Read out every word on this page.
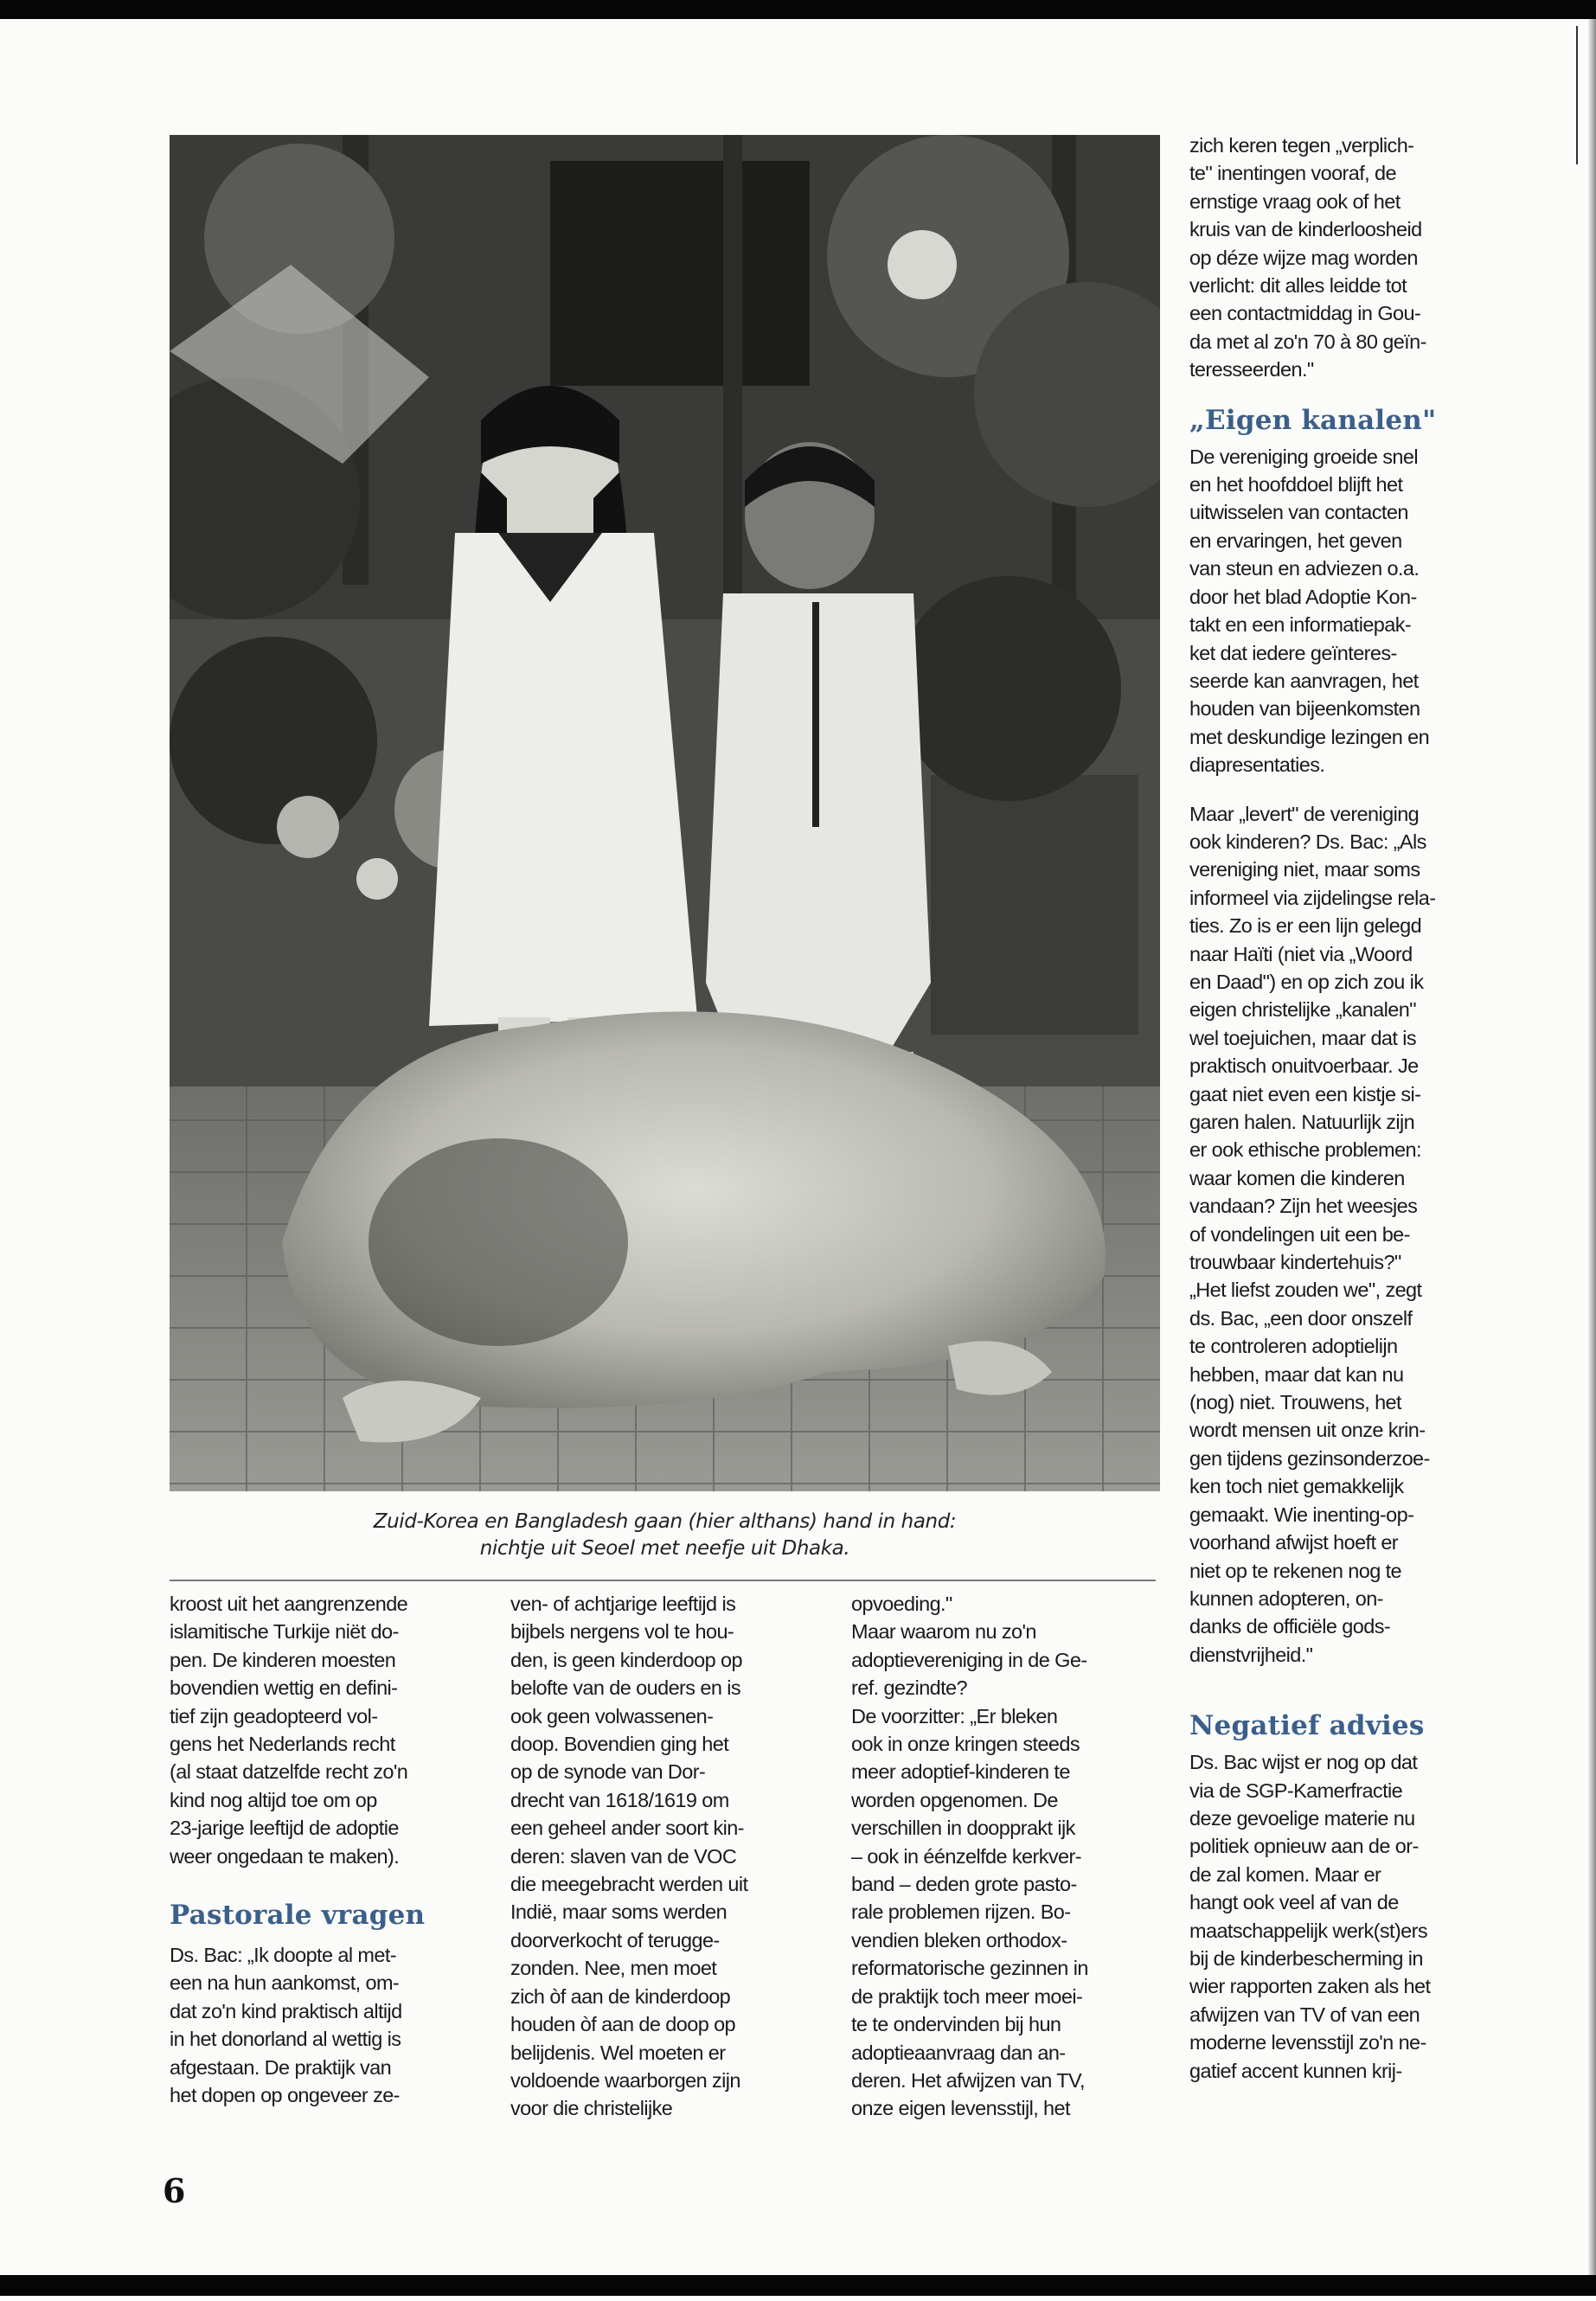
Zuid-Korea en Bangladesh gaan (hier althans) hand in hand:

nichtje uit Seoel met neefje uit Dhaka.

kroost uit het aangrenzende

islamitische Turkije niët do-

pen. De kinderen moesten

bovendien wettig en defini-

tief zijn geadopteerd vol-

gens het Nederlands recht

(al staat datzelfde recht zo'n

kind nog altijd toe om op

23-jarige leeftijd de adoptie

weer ongedaan te maken).

Pastorale vragen

Ds. Bac: „Ik doopte al met-

een na hun aankomst, om-

dat zo'n kind praktisch altijd

in het donorland al wettig is

afgestaan. De praktijk van

het dopen op ongeveer ze-

ven- of achtjarige leeftijd is

bijbels nergens vol te hou-

den, is geen kinderdoop op

belofte van de ouders en is

ook geen volwassenen-

doop. Bovendien ging het

op de synode van Dor-

drecht van 1618/1619 om

een geheel ander soort kin-

deren: slaven van de VOC

die meegebracht werden uit

Indië, maar soms werden

doorverkocht of terugge-

zonden. Nee, men moet

zich òf aan de kinderdoop

houden òf aan de doop op

belijdenis. Wel moeten er

voldoende waarborgen zijn

voor die christelijke

opvoeding."

Maar waarom nu zo'n

adoptievereniging in de Ge-

ref. gezindte?

De voorzitter: „Er bleken

ook in onze kringen steeds

meer adoptief-kinderen te

worden opgenomen. De

verschillen in doopprakt ijk

– ook in éénzelfde kerkver-

band – deden grote pasto-

rale problemen rijzen. Bo-

vendien bleken orthodox-

reformatorische gezinnen in

de praktijk toch meer moei-

te te ondervinden bij hun

adoptieaanvraag dan an-

deren. Het afwijzen van TV,

onze eigen levensstijl, het

zich keren tegen „verplich-

te" inentingen vooraf, de

ernstige vraag ook of het

kruis van de kinderloosheid

op déze wijze mag worden

verlicht: dit alles leidde tot

een contactmiddag in Gou-

da met al zo'n 70 à 80 geïn-

teresseerden."

„Eigen kanalen"

De vereniging groeide snel

en het hoofddoel blijft het

uitwisselen van contacten

en ervaringen, het geven

van steun en adviezen o.a.

door het blad Adoptie Kon-

takt en een informatiepak-

ket dat iedere geïnteres-

seerde kan aanvragen, het

houden van bijeenkomsten

met deskundige lezingen en

diapresentaties.

Maar „levert" de vereniging

ook kinderen? Ds. Bac: „Als

vereniging niet, maar soms

informeel via zijdelingse rela-

ties. Zo is er een lijn gelegd

naar Haïti (niet via „Woord

en Daad") en op zich zou ik

eigen christelijke „kanalen"

wel toejuichen, maar dat is

praktisch onuitvoerbaar. Je

gaat niet even een kistje si-

garen halen. Natuurlijk zijn

er ook ethische problemen:

waar komen die kinderen

vandaan? Zijn het weesjes

of vondelingen uit een be-

trouwbaar kindertehuis?"

„Het liefst zouden we", zegt

ds. Bac, „een door onszelf

te controleren adoptielijn

hebben, maar dat kan nu

(nog) niet. Trouwens, het

wordt mensen uit onze krin-

gen tijdens gezinsonderzoe-

ken toch niet gemakkelijk

gemaakt. Wie inenting-op-

voorhand afwijst hoeft er

niet op te rekenen nog te

kunnen adopteren, on-

danks de officiële gods-

dienstvrijheid."

Negatief advies

Ds. Bac wijst er nog op dat

via de SGP-Kamerfractie

deze gevoelige materie nu

politiek opnieuw aan de or-

de zal komen. Maar er

hangt ook veel af van de

maatschappelijk werk(st)ers

bij de kinderbescherming in

wier rapporten zaken als het

afwijzen van TV of van een

moderne levensstijl zo'n ne-

gatief accent kunnen krij-

6
